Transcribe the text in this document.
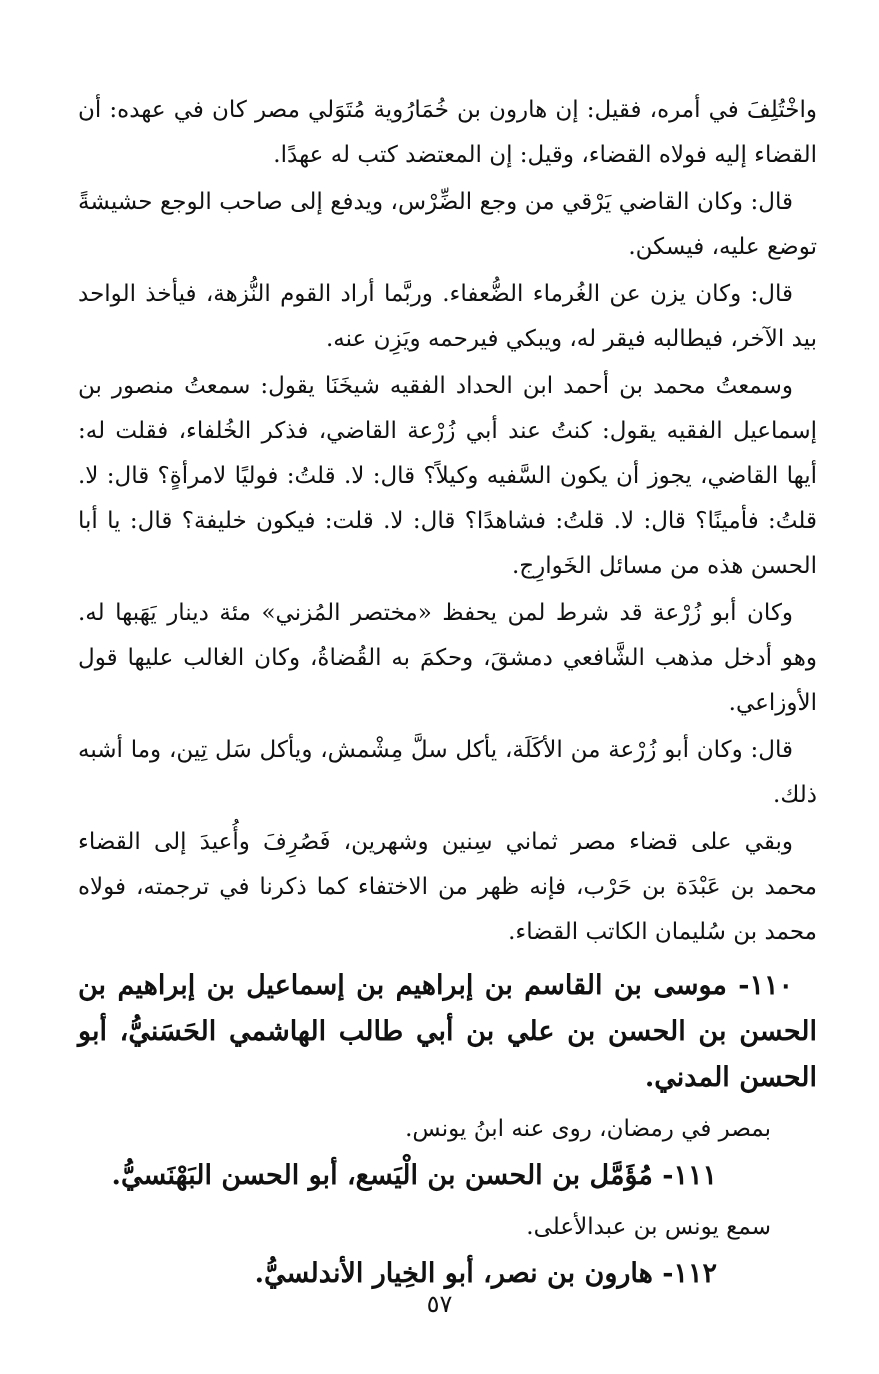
واخْتُلِفَ في أمره، فقيل: إن هارون بن خُمَارُوية مُتَوَلي مصر كان في عهده: أن القضاء إليه فولاه القضاء، وقيل: إن المعتضد كتب له عهدًا.

قال: وكان القاضي يَرْقي من وجع الضِّرْس، ويدفع إلى صاحب الوجع حشيشةً توضع عليه، فيسكن.

قال: وكان يزن عن الغُرماء الضُّعفاء. وربَّما أراد القوم النُّزهة، فيأخذ الواحد بيد الآخر، فيطالبه فيقر له، ويبكي فيرحمه ويَزِن عنه.

وسمعتُ محمد بن أحمد ابن الحداد الفقيه شيخَنَا يقول: سمعتُ منصور بن إسماعيل الفقيه يقول: كنتُ عند أبي زُرْعة القاضي، فذكر الخُلفاء، فقلت له: أيها القاضي، يجوز أن يكون السَّفيه وكيلاً؟ قال: لا. قلتُ: فوليًا لامرأةٍ؟ قال: لا. قلتُ: فأمينًا؟ قال: لا. قلتُ: فشاهدًا؟ قال: لا. قلت: فيكون خليفة؟ قال: يا أبا الحسن هذه من مسائل الخَوارِج.

وكان أبو زُرْعة قد شرط لمن يحفظ «مختصر المُزني» مئة دينار يَهَبها له. وهو أدخل مذهب الشَّافعي دمشقَ، وحكمَ به القُضاةُ، وكان الغالب عليها قول الأوزاعي.

قال: وكان أبو زُرْعة من الأكَلَة، يأكل سلَّ مِشْمش، ويأكل سَل تِين، وما أشبه ذلك.

وبقي على قضاء مصر ثماني سِنين وشهرين، فَصُرِفَ وأُعيدَ إلى القضاء محمد بن عَبْدَة بن حَرْب، فإنه ظهر من الاختفاء كما ذكرنا في ترجمته، فولاه محمد بن سُليمان الكاتب القضاء.

١١٠- موسى بن القاسم بن إبراهيم بن إسماعيل بن إبراهيم بن الحسن بن الحسن بن علي بن أبي طالب الهاشمي الحَسَنيُّ، أبو الحسن المدني.

بمصر في رمضان، روى عنه ابنُ يونس.

١١١- مُؤَمَّل بن الحسن بن الْيَسع، أبو الحسن البَهْنَسيُّ.

سمع يونس بن عبدالأعلى.

١١٢- هارون بن نصر، أبو الخِيار الأندلسيُّ.

٥٧
